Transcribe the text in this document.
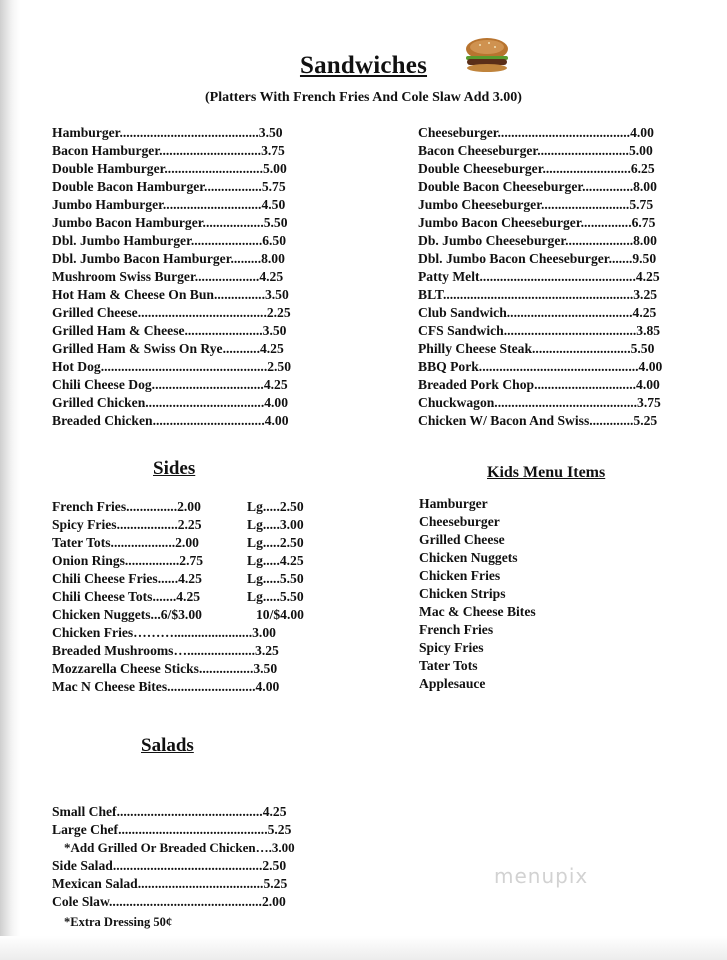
Sandwiches
(Platters With French Fries And Cole Slaw Add 3.00)
Hamburger.........................................3.50
Bacon Hamburger..............................3.75
Double Hamburger.............................5.00
Double Bacon Hamburger.................5.75
Jumbo Hamburger.............................4.50
Jumbo Bacon Hamburger..................5.50
Dbl. Jumbo Hamburger.....................6.50
Dbl. Jumbo Bacon Hamburger.........8.00
Mushroom Swiss Burger...................4.25
Hot Ham & Cheese On Bun...............3.50
Grilled Cheese......................................2.25
Grilled Ham & Cheese.......................3.50
Grilled Ham & Swiss On Rye...........4.25
Hot Dog.................................................2.50
Chili Cheese Dog.................................4.25
Grilled Chicken...................................4.00
Breaded Chicken.................................4.00
Cheeseburger.......................................4.00
Bacon Cheeseburger...........................5.00
Double Cheeseburger..........................6.25
Double Bacon Cheeseburger...............8.00
Jumbo Cheeseburger..........................5.75
Jumbo Bacon Cheeseburger...............6.75
Db. Jumbo Cheeseburger....................8.00
Dbl. Jumbo Bacon Cheeseburger.......9.50
Patty Melt..............................................4.25
BLT........................................................3.25
Club Sandwich.....................................4.25
CFS Sandwich.......................................3.85
Philly Cheese Steak.............................5.50
BBQ Pork...............................................4.00
Breaded Pork Chop..............................4.00
Chuckwagon..........................................3.75
Chicken W/ Bacon And Swiss.............5.25
Sides
French Fries...............2.00	Lg.....2.50
Spicy Fries..................2.25	Lg.....3.00
Tater Tots...................2.00	Lg.....2.50
Onion Rings................2.75	Lg.....4.25
Chili Cheese Fries......4.25	Lg.....5.50
Chili Cheese Tots.......4.25	Lg.....5.50
Chicken Nuggets...6/$3.00	10/$4.00
Chicken Fries……….......................3.00
Breaded Mushrooms…....................3.25
Mozzarella Cheese Sticks................3.50
Mac N Cheese Bites..........................4.00
Kids Menu Items
Hamburger
Cheeseburger
Grilled Cheese
Chicken Nuggets
Chicken Fries
Chicken Strips
Mac & Cheese Bites
French Fries
Spicy Fries
Tater Tots
Applesauce
Salads
Small Chef...........................................4.25
Large Chef............................................5.25
*Add Grilled Or Breaded Chicken….3.00
Side Salad............................................2.50
Mexican Salad.....................................5.25
Cole Slaw.............................................2.00
*Extra Dressing 50¢
menupix
